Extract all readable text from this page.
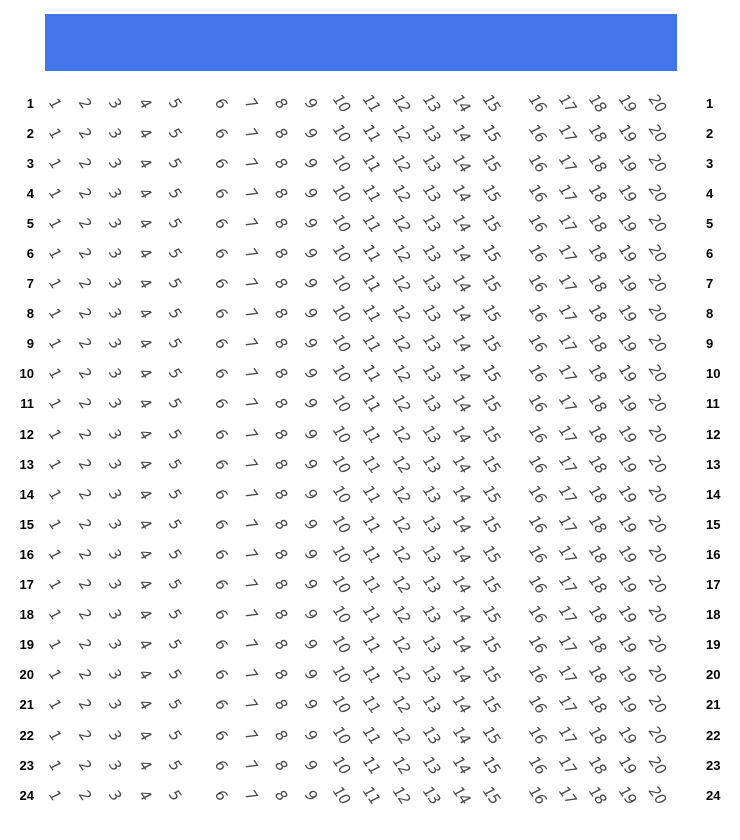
1 1 2 3 4 5 6 7 8 9 10 11 12 13 14 15 16 17 18 19 20	1
2 1 2 3 4 5 6 7 8 9 10 11 12 13 14 15 16 17 18 19 20	2
3 1 2 3 4 5 6 7 8 9 10 11 12 13 14 15 16 17 18 19 20	3
4 1 2 3 4 5 6 7 8 9 10 11 12 13 14 15 16 17 18 19 20	4
5 1 2 3 4 5 6 7 8 9 10 11 12 13 14 15 16 17 18 19 20	5
6 1 2 3 4 5 6 7 8 9 10 11 12 13 14 15 16 17 18 19 20	6
7 1 2 3 4 5 6 7 8 9 10 11 12 13 14 15 16 17 18 19 20	7
8 1 2 3 4 5 6 7 8 9 10 11 12 13 14 15 16 17 18 19 20	8
9 1 2 3 4 5 6 7 8 9 10 11 12 13 14 15 16 17 18 19 20	9
10 1 2 3 4 5 6 7 8 9 10 11 12 13 14 15 16 17 18 19 20	10
11 1 2 3 4 5 6 7 8 9 10 11 12 13 14 15 16 17 18 19 20	11
12 1 2 3 4 5 6 7 8 9 10 11 12 13 14 15 16 17 18 19 20	12
13 1 2 3 4 5 6 7 8 9 10 11 12 13 14 15 16 17 18 19 20	13
14 1 2 3 4 5 6 7 8 9 10 11 12 13 14 15 16 17 18 19 20	14
15 1 2 3 4 5 6 7 8 9 10 11 12 13 14 15 16 17 18 19 20	15
16 1 2 3 4 5 6 7 8 9 10 11 12 13 14 15 16 17 18 19 20	16
17 1 2 3 4 5 6 7 8 9 10 11 12 13 14 15 16 17 18 19 20	17
18 1 2 3 4 5 6 7 8 9 10 11 12 13 14 15 16 17 18 19 20	18
19 1 2 3 4 5 6 7 8 9 10 11 12 13 14 15 16 17 18 19 20	19
20 1 2 3 4 5 6 7 8 9 10 11 12 13 14 15 16 17 18 19 20	20
21 1 2 3 4 5 6 7 8 9 10 11 12 13 14 15 16 17 18 19 20	21
22 1 2 3 4 5 6 7 8 9 10 11 12 13 14 15 16 17 18 19 20	22
23 1 2 3 4 5 6 7 8 9 10 11 12 13 14 15 16 17 18 19 20	23
24 1 2 3 4 5 6 7 8 9 10 11 12 13 14 15 16 17 18 19 20	24
